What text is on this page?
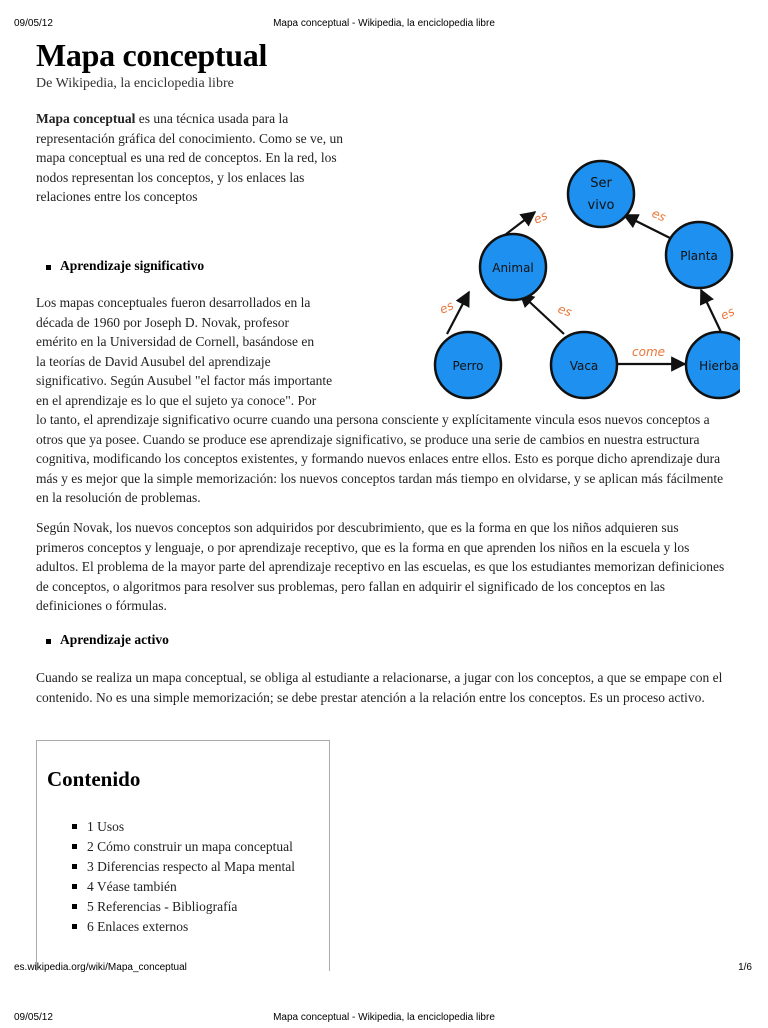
09/05/12	Mapa conceptual - Wikipedia, la enciclopedia libre
Mapa conceptual
De Wikipedia, la enciclopedia libre

Mapa conceptual es una técnica usada para la representación gráfica del conocimiento. Como se ve, un mapa conceptual es una red de conceptos. En la red, los nodos representan los conceptos, y los enlaces las relaciones entre los conceptos

es	es
es	es
come
es
Ser
vivo
Animal
Planta
Perro	Vaca	Hierba
Aprendizaje significativo

Los mapas conceptuales fueron desarrollados en la

década de 1960 por Joseph D. Novak, profesor

emérito en la Universidad de Cornell, basándose en

la teorías de David Ausubel del aprendizaje

significativo. Según Ausubel "el factor más importante

en el aprendizaje es lo que el sujeto ya conoce". Por

lo tanto, el aprendizaje significativo ocurre cuando una persona consciente y explícitamente vincula esos nuevos conceptos a otros que ya posee. Cuando se produce ese aprendizaje significativo, se produce una serie de cambios en nuestra estructura cognitiva, modificando los conceptos existentes, y formando nuevos enlaces entre ellos. Esto es porque dicho aprendizaje dura más y es mejor que la simple memorización: los nuevos conceptos tardan más tiempo en olvidarse, y se aplican más fácilmente en la resolución de problemas.

Según Novak, los nuevos conceptos son adquiridos por descubrimiento, que es la forma en que los niños adquieren sus primeros conceptos y lenguaje, o por aprendizaje receptivo, que es la forma en que aprenden los niños en la escuela y los adultos. El problema de la mayor parte del aprendizaje receptivo en las escuelas, es que los estudiantes memorizan definiciones de conceptos, o algoritmos para resolver sus problemas, pero fallan en adquirir el significado de los conceptos en las definiciones o fórmulas.

Aprendizaje activo

Cuando se realiza un mapa conceptual, se obliga al estudiante a relacionarse, a jugar con los conceptos, a que se empape con el contenido. No es una simple memorización; se debe prestar atención a la relación entre los conceptos. Es un proceso activo.

Contenido
1 Usos
2 Cómo construir un mapa conceptual
3 Diferencias respecto al Mapa mental
4 Véase también
5 Referencias - Bibliografía
6 Enlaces externos
es.wikipedia.org/wiki/Mapa_conceptual	1/6
09/05/12	Mapa conceptual - Wikipedia, la enciclopedia libre
